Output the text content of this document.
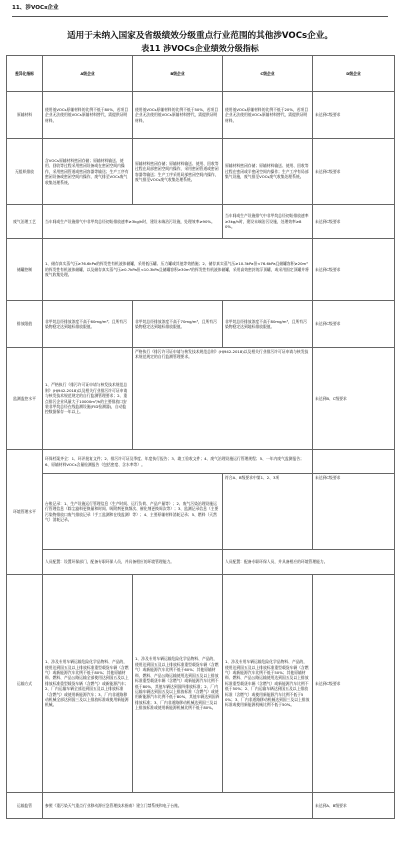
11、涉VOCs企业
适用于未纳入国家及省级绩效分级重点行业范围的其他涉VOCs企业。
表11 涉VOCs企业绩效分级指标
差异化指标	A级企业	B级企业	C级企业	D级企业
原辅材料	使用低VOCs原辅材料的比例不低于80%，若项目企业无法使用低VOCs原辅材料替代，需提供证明材料。	使用低VOCs原辅材料的比例不低于50%，若项目企业无法使用低VOCs原辅材料替代，需提供证明材料。	使用低VOCs原辅材料的比例不低于20%，若项目企业无法使用低VOCs原辅材料替代，需提供证明材料。	未达到C级要求
无组织排放	含VOCs原辅材料密闭存储；原辅材料输送、使用、回收等过程采用密闭设备或在密闭空间内操作，采用密闭管道或密闭容器等输送；生产工序有密闭设备或密闭空间内操作，废气排至VOCs废气收集处理系统。	原辅材料密闭存储；原辅材料输送、使用、回收等过程在局部密闭空间内操作，采用密闭管道或密闭容器等输送；生产工序采用局部密闭空间内操作，废气排至VOCs废气收集处理系统。	原辅材料密闭存储；原辅材料输送、使用、回收等过程在密闭或半密闭空间内操作；生产工序有局部集气设施，废气排至VOCs废气收集处理系统。	未达到C级要求
废气治理工艺	当车间或生产设施排气中非甲烷总烃初始排放速率≥3kg/h时，建设末端治污设施，处理效率≥90%。		当车间或生产设施排气中非甲烷总烃初始排放速率≥3kg/h时，建设末端治污设施，处理效率≥80%。	未达到C级要求
储罐控制	1、储存真实蒸气压≥76.6kPa的挥发性有机液体储罐，采用低压罐、压力罐或其他等效措施；2、储存真实蒸气压≥10.3kPa但<76.6kPa且储罐容积≥20m³的挥发性有机液体储罐，以及储存真实蒸气压≥0.7kPa但<10.3kPa且储罐容积≥30m³的挥发性有机液体储罐，采用高效密封的浮顶罐，或采用固定顶罐并将废气收集处理。			未达到C级要求
排放限值	非甲烷总烃排放浓度不高于60mg/m³；且所有污染物稳定达到地标排放限值。	非甲烷总烃排放浓度不高于70mg/m³，且所有污染物稳定达到地标排放限值。	非甲烷总烃排放浓度不高于80mg/m³，且所有污染物稳定达到地标排放限值。	未达到C级要求
监测监控水平	1、严格执行《排污许可证申请与核发技术规范总则》(HJ942-2018)以及相关行业排污许可证申请与核发技术规范规定的自行监测管理要求；2、重点排污企业风量大于10000m³/h的主要排放口安装非甲烷总烃在线监测设施(FID检测器)，自动监控数据保存一年以上。	严格执行《排污许可证申请与核发技术规范总则》(HJ942-2018)以及相关行业排污许可证申请与核发技术规范规定的自行监测管理要求。		未达到B、C级要求
环境管理水平	环保档案齐全：1、环评批复文件；2、排污许可证及季度、年度执行报告；3、竣工验收文件；4、废气治理设施运行管理规程；5、一年内废气监测报告；6、原辅材料VOCs含量检测报告（包括密度、含水率等）。			
	台账记录：1、生产设施运行管理信息（生产时间、运行负荷、产品产量等）；2、废气污染治理设施运行管理信息（除尘滤料更换量和时间、吸附剂更换频次、催化剂更换周次等）；3、监测记录信息（主要污染物排放口废气排放记录（手工监测和在线监测）等）；4、主要原辅材料消耗记录；5、燃料（天然气）消耗记录。		符合A、B级要求中第1、2、3项	未达到C级要求
	人员配置：设置环保部门，配备专职环保人员，并具备相应的环境管理能力。		人员配置：配备专职环保人员，并具备相应的环境管理能力。	
运输方式	1、涉及专用车辆运输危险化学品物料、产品的，使用达到国五及以上排放标准重型载货车辆（含燃气）或新能源汽车比例不低于80%；其他原辅材料、燃料、产品公路运输全部使用达到国五及以上排放标准重型载货车辆（含燃气）或新能源汽车；2、厂内运输车辆全部达到国五及以上排放标准（含燃气）或使用新能源汽车；3、厂内非道路移动机械全部达到国三及以上排放标准或使用新能源机械。	1、涉及专用车辆运输危险化学品物料、产品的，使用达到国五及以上排放标准重型载货车辆（含燃气）或新能源汽车比例不低于60%；其他原辅材料、燃料、产品公路运输使用达到国五及以上排放标准重型载货车辆（含燃气）或新能源汽车比例不低于80%，其他车辆达到国四排放标准；2、厂内运输车辆达到国五及以上排放标准（含燃气）或使用新能源汽车比例不低于80%，其他车辆达到国四排放标准；3、厂内非道路移动机械达到国三及以上排放标准或使用新能源机械比例不低于80%。	1、涉及专用车辆运输危险化学品物料、产品的，使用达到国五及以上排放标准重型载货车辆（含燃气）或新能源汽车比例不低于50%；其他原辅材料、燃料、产品公路运输使用达到国五及以上排放标准重型载货车辆（含燃气）或新能源汽车比例不低于50%；2、厂内运输车辆达到国五及以上排放标准（含燃气）或使用新能源汽车比例不低于50%；3、厂内非道路移动机械达到国三及以上排放标准或使用新能源机械比例不低于50%。	未达到C级要求
运输监管	参照《重污染天气重点行业移动源应急管理技术指南》建立门禁系统和电子台账。			未达到A、B级要求
